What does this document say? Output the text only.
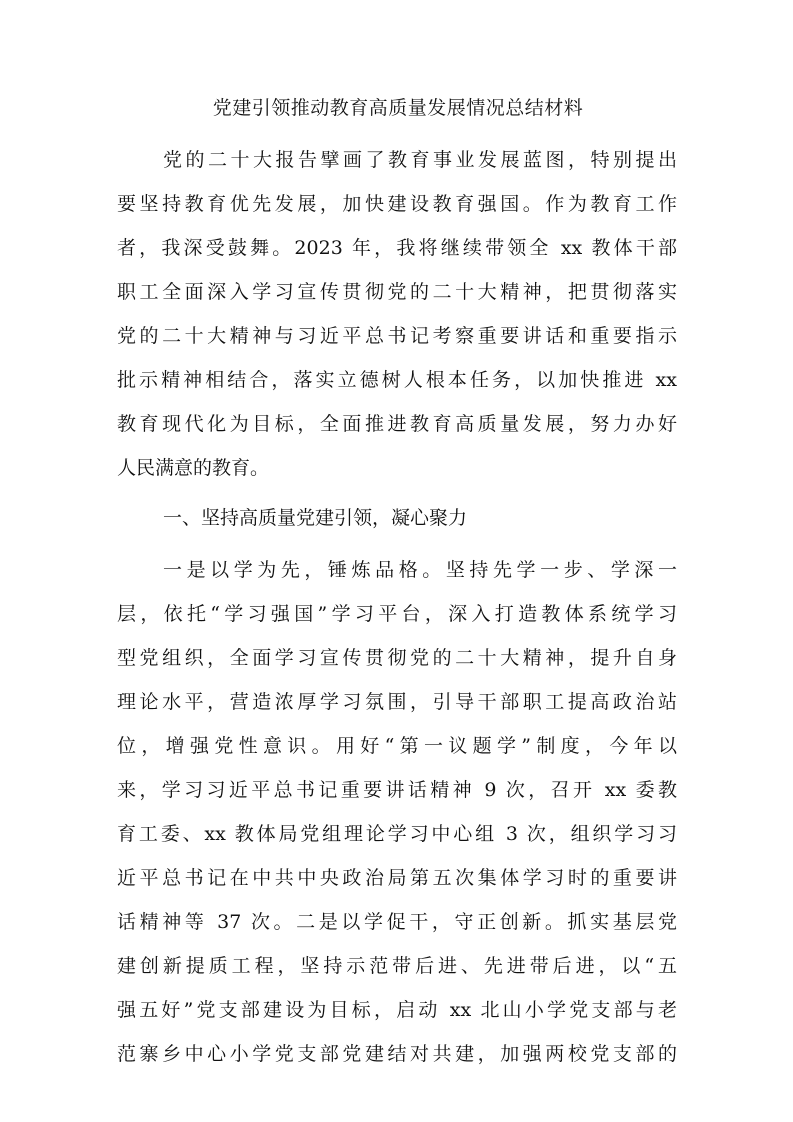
党建引领推动教育高质量发展情况总结材料
党的二十大报告擘画了教育事业发展蓝图，特别提出
要坚持教育优先发展，加快建设教育强国。作为教育工作
者，我深受鼓舞。2023 年，我将继续带领全 xx 教体干部
职工全面深入学习宣传贯彻党的二十大精神，把贯彻落实
党的二十大精神与习近平总书记考察重要讲话和重要指示
批示精神相结合，落实立德树人根本任务，以加快推进 xx
教育现代化为目标，全面推进教育高质量发展，努力办好
人民满意的教育。
一、坚持高质量党建引领，凝心聚力
一是以学为先，锤炼品格。坚持先学一步、学深一
层，依托“学习强国”学习平台，深入打造教体系统学习
型党组织，全面学习宣传贯彻党的二十大精神，提升自身
理论水平，营造浓厚学习氛围，引导干部职工提高政治站
位，增强党性意识。用好“第一议题学”制度，今年以
来，学习习近平总书记重要讲话精神 9 次，召开 xx 委教
育工委、xx 教体局党组理论学习中心组 3 次，组织学习习
近平总书记在中共中央政治局第五次集体学习时的重要讲
话精神等 37 次。二是以学促干，守正创新。抓实基层党
建创新提质工程，坚持示范带后进、先进带后进，以“五
强五好”党支部建设为目标，启动 xx 北山小学党支部与老
范寨乡中心小学党支部党建结对共建，加强两校党支部的
